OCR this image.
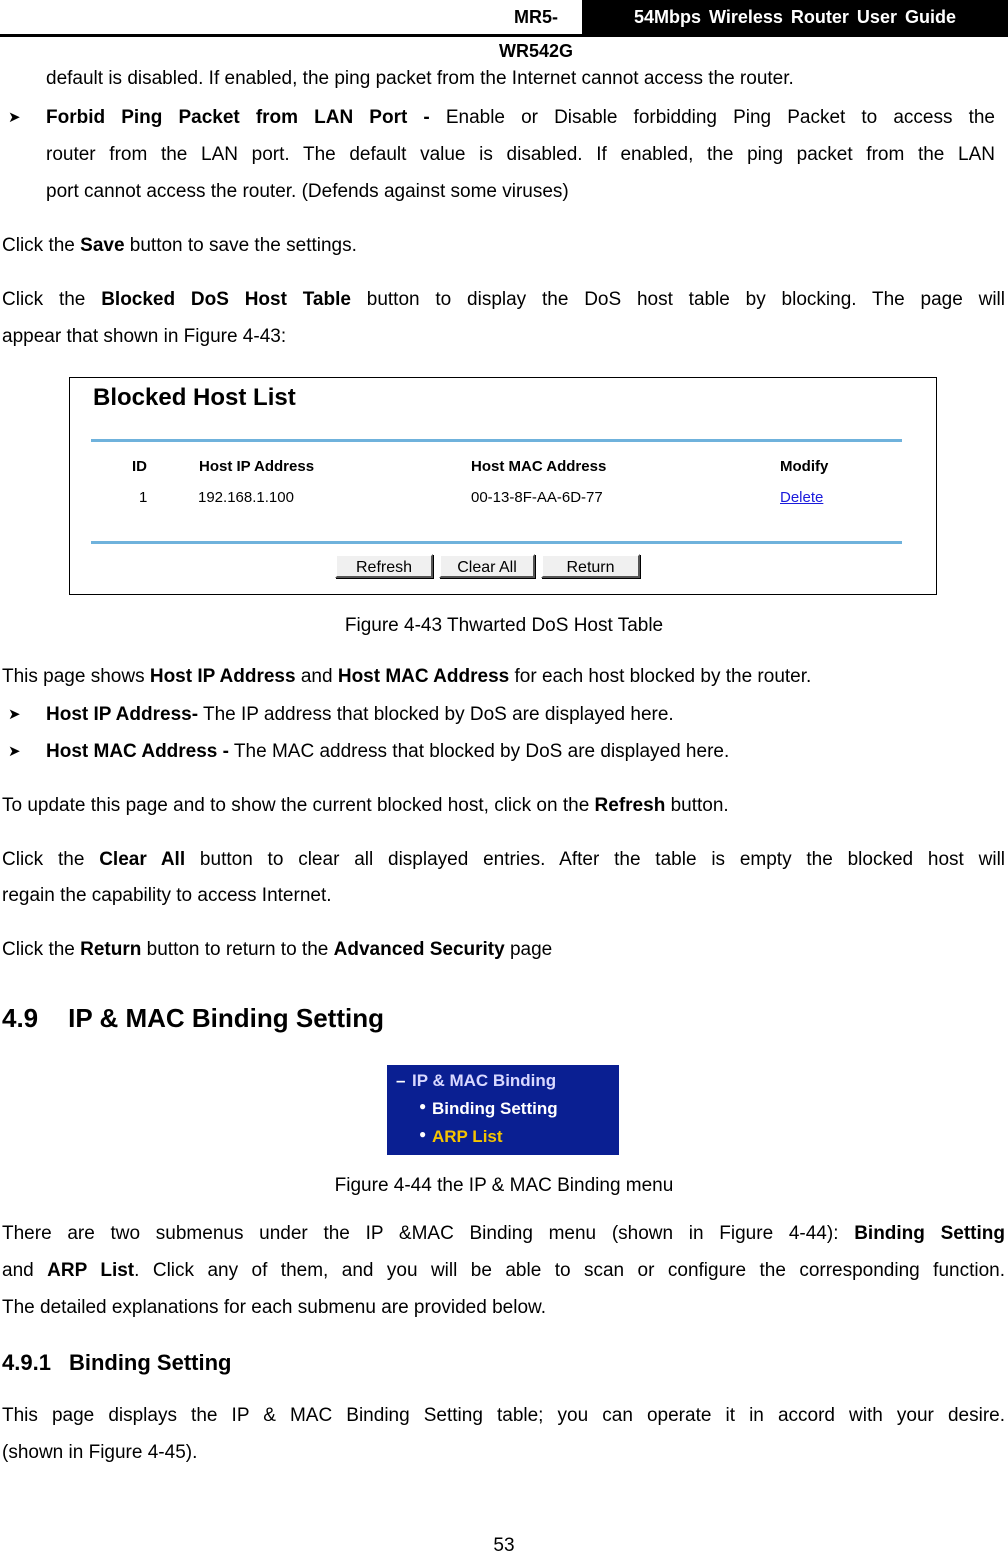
MR5-WR542G
54Mbps Wireless Router User Guide
default is disabled. If enabled, the ping packet from the Internet cannot access the router.
➤ Forbid Ping Packet from LAN Port - Enable or Disable forbidding Ping Packet to access the
router from the LAN port. The default value is disabled. If enabled, the ping packet from the LAN
port cannot access the router. (Defends against some viruses)
Click the Save button to save the settings.
Click the Blocked DoS Host Table button to display the DoS host table by blocking. The page will
appear that shown in Figure 4-43:
Blocked Host List
ID	Host IP Address	Host MAC Address	Modify
1	192.168.1.100	00-13-8F-AA-6D-77	Delete
Refresh	Clear All	Return
Figure 4-43 Thwarted DoS Host Table
This page shows Host IP Address and Host MAC Address for each host blocked by the router.
➤ Host IP Address- The IP address that blocked by DoS are displayed here.
➤ Host MAC Address - The MAC address that blocked by DoS are displayed here.
To update this page and to show the current blocked host, click on the Refresh button.
Click the Clear All button to clear all displayed entries. After the table is empty the blocked host will
regain the capability to access Internet.
Click the Return button to return to the Advanced Security page
4.9 IP & MAC Binding Setting
– IP & MAC Binding
● Binding Setting
● ARP List
Figure 4-44 the IP & MAC Binding menu
There are two submenus under the IP &MAC Binding menu (shown in Figure 4-44): Binding Setting
and ARP List. Click any of them, and you will be able to scan or configure the corresponding function.
The detailed explanations for each submenu are provided below.
4.9.1 Binding Setting
This page displays the IP & MAC Binding Setting table; you can operate it in accord with your desire.
(shown in Figure 4-45).
53
